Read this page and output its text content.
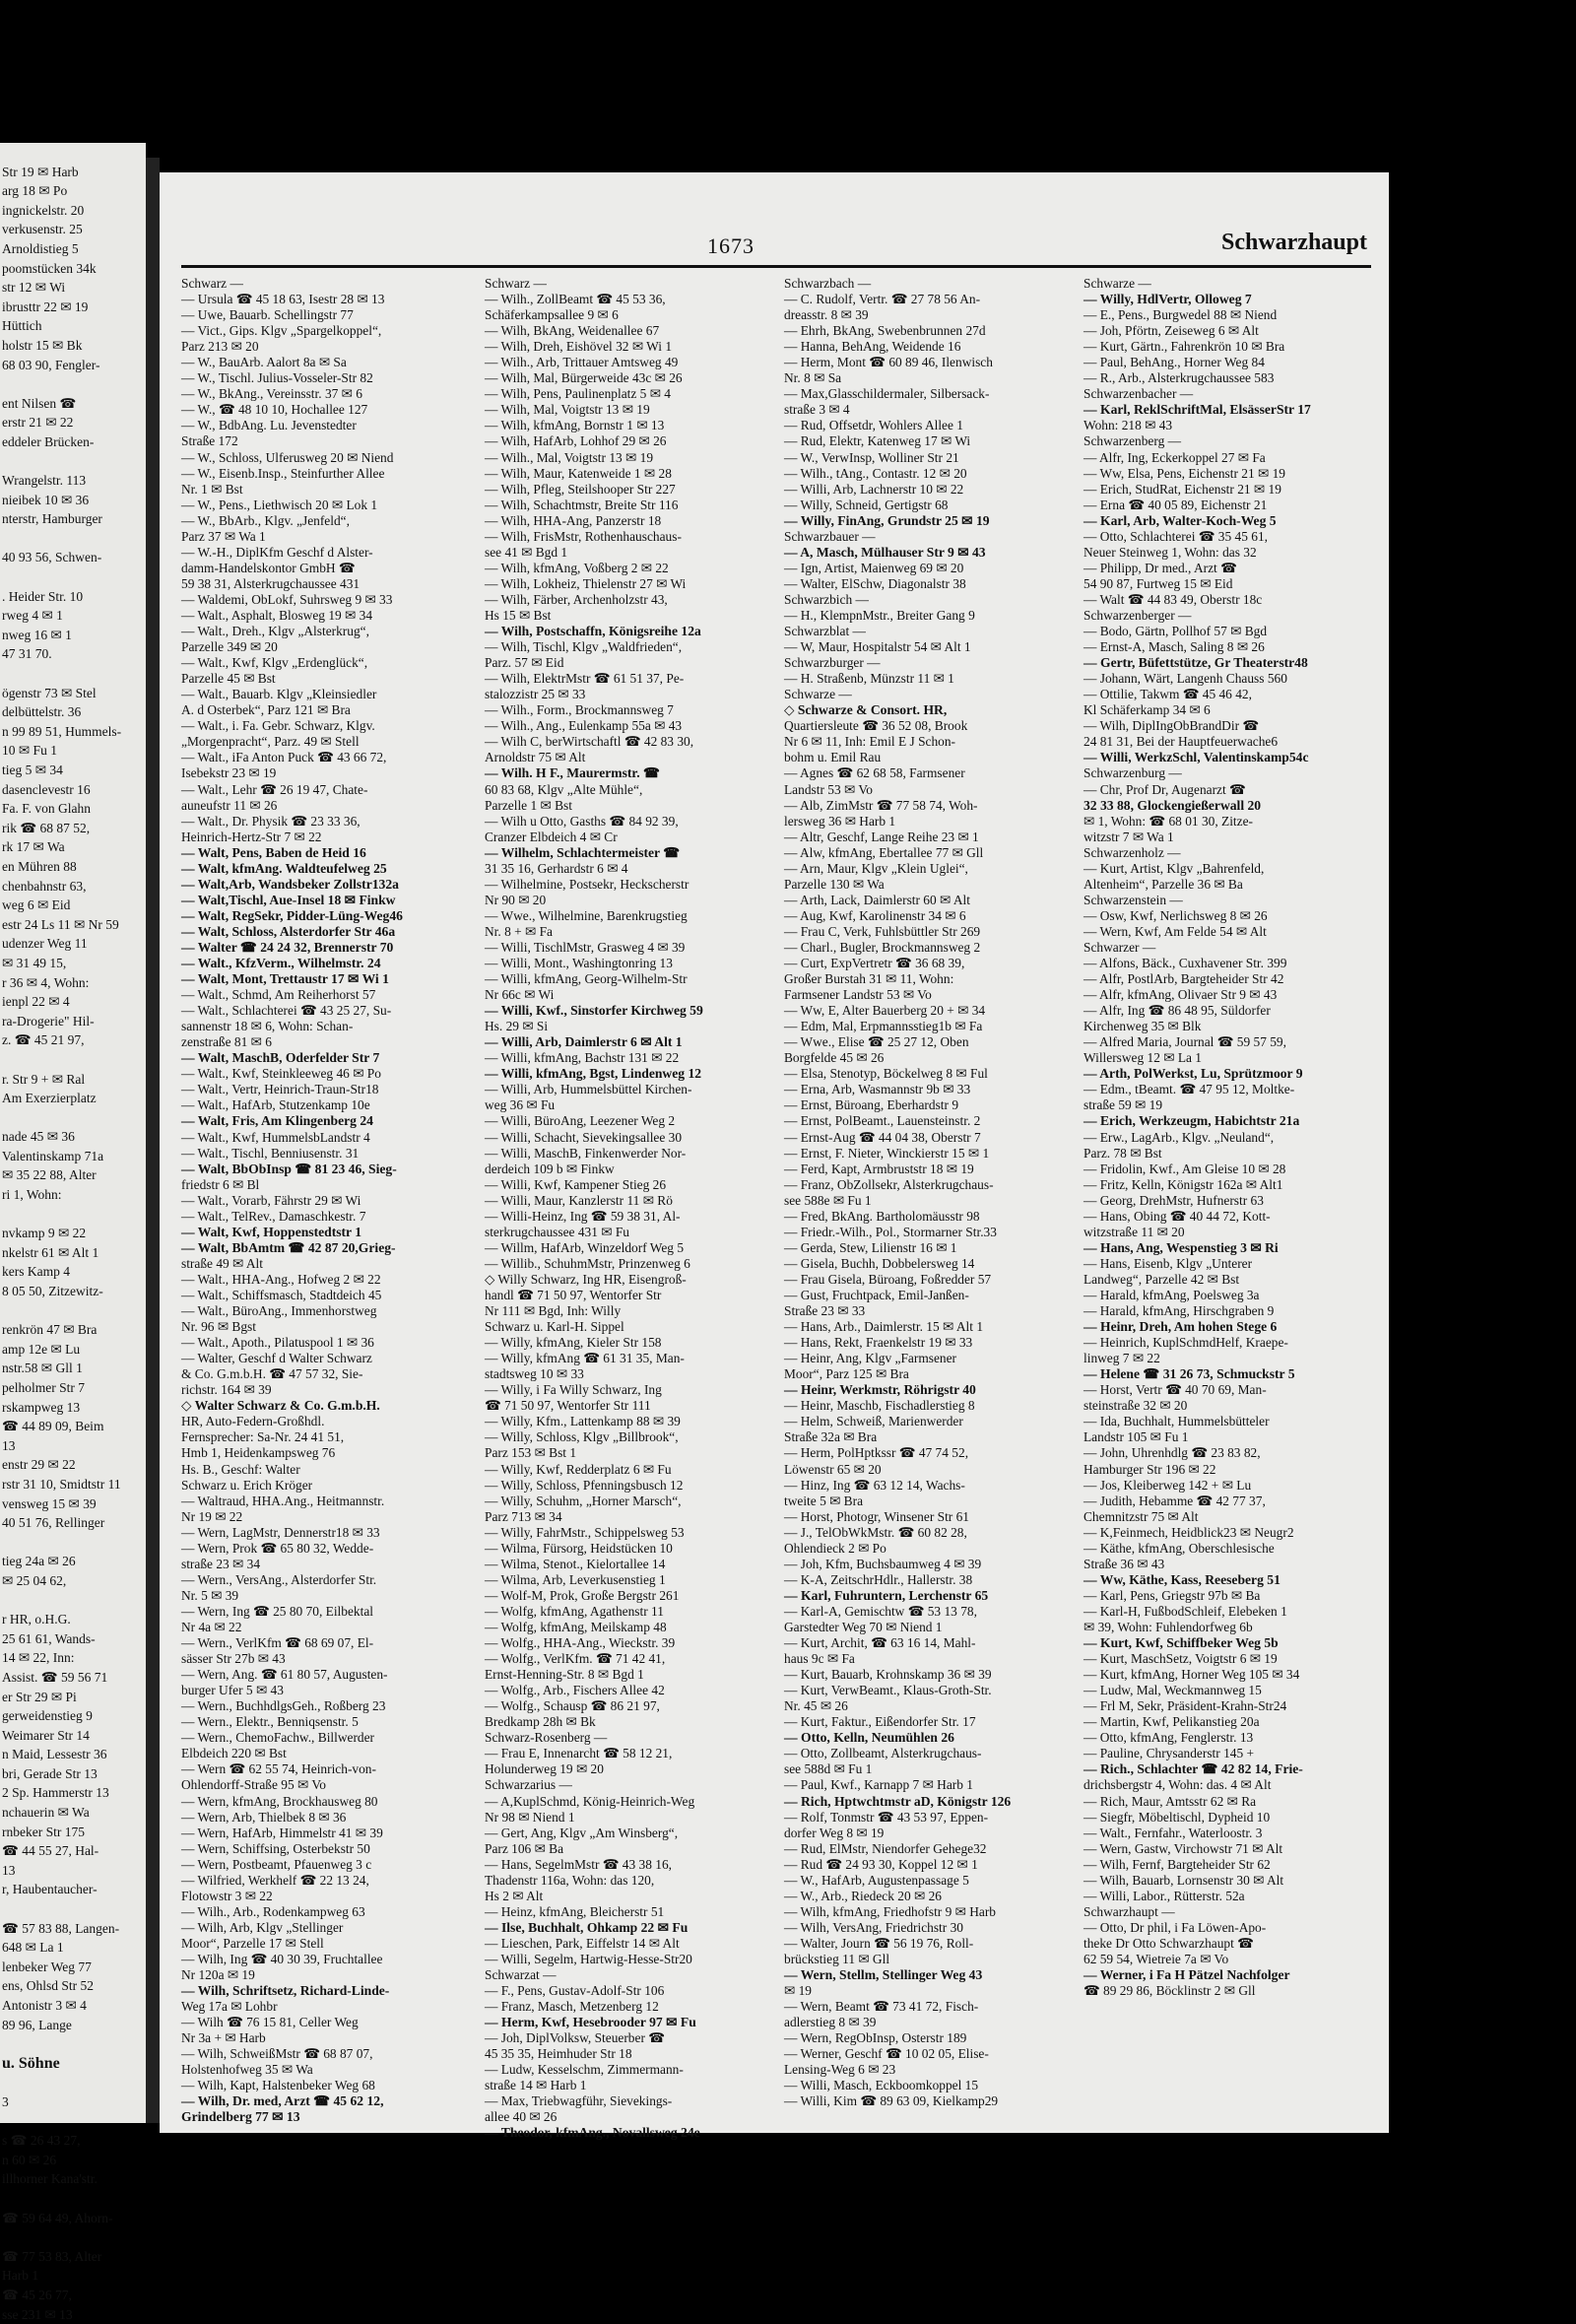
Str 19 ✉ Harb
arg 18 ✉ Po
ingnickelstr. 20
verkusenstr. 25
Arnoldistieg 5
poomstücken 34k
str 12 ✉ Wi
ibrusttr 22 ✉ 19
Hüttich
holstr 15 ✉ Bk
68 03 90, Fengler-

ent Nilsen ☎
erstr 21 ✉ 22
eddeler Brücken-

Wrangelstr. 113
nieibek 10 ✉ 36
nterstr, Hamburger

40 93 56, Schwen-

. Heider Str. 10
rweg 4 ✉ 1
nweg 16 ✉ 1
47 31 70.

ögenstr 73 ✉ Stel
delbüttelstr. 36
n 99 89 51, Hummels-
10 ✉ Fu 1
tieg 5 ✉ 34
dasenclevestr 16
Fa. F. von Glahn
rik ☎ 68 87 52,
rk 17 ✉ Wa
en Mühren 88
chenbahnstr 63,
weg 6 ✉ Eid
estr 24 Ls 11 ✉ Nr 59
udenzer Weg 11
✉ 31 49 15,
r 36 ✉ 4, Wohn:
ienpl 22 ✉ 4
ra-Drogerie" Hil-
z. ☎ 45 21 97,

r. Str 9 + ✉ Ral
Am Exerzierplatz

nade 45 ✉ 36
Valentinskamp 71a
✉ 35 22 88, Alter
ri 1, Wohn:

nvkamp 9 ✉ 22
nkelstr 61 ✉ Alt 1
kers Kamp 4
8 05 50, Zitzewitz-

renkrön 47 ✉ Bra
amp 12e ✉ Lu
nstr.58 ✉ Gll 1
pelholmer Str 7
rskampweg 13
☎ 44 89 09, Beim
13
enstr 29 ✉ 22
rstr 31 10, Smidtstr 11
vensweg 15 ✉ 39
40 51 76, Rellinger

tieg 24a ✉ 26
✉ 25 04 62,

r HR, o.H.G.
25 61 61, Wands-
14 ✉ 22, Inn:
Assist. ☎ 59 56 71
er Str 29 ✉ Pi
gerweidenstieg 9
Weimarer Str 14
n Maid, Lessestr 36
bri, Gerade Str 13
2 Sp. Hammerstr 13
nchauerin ✉ Wa
rnbeker Str 175
☎ 44 55 27, Hal-
13
r, Haubentaucher-

☎ 57 83 88, Langen-
648 ✉ La 1
lenbeker Weg 77
ens, Ohlsd Str 52
Antonistr 3 ✉ 4
89 96, Lange

u. Söhne

3

s ☎ 26 43 27,
n 60 ✉ 26
illhorner Kana'str.

☎ 59 64 49, Ahorn-

☎ 77 53 83, Alter
Harb 1
☎ 45 26 77,
sse 231 ✉ 13
1673	Schwarzhaupt
Schwarz —
— Ursula ☎ 45 18 63, Isestr 28 ✉ 13
— Uwe, Bauarb. Schellingstr 77
— Vict., Gips. Klgv „Spargelkoppel“,
Parz 213 ✉ 20
— W., BauArb. Aalort 8a ✉ Sa
— W., Tischl. Julius-Vosseler-Str 82
— W., BkAng., Vereinsstr. 37 ✉ 6
— W., ☎ 48 10 10, Hochallee 127
— W., BdbAng. Lu. Jevenstedter
Straße 172
— W., Schloss, Ulferusweg 20 ✉ Niend
— W., Eisenb.Insp., Steinfurther Allee
Nr. 1 ✉ Bst
— W., Pens., Liethwisch 20 ✉ Lok 1
— W., BbArb., Klgv. „Jenfeld“,
Parz 37 ✉ Wa 1
— W.-H., DiplKfm Geschf d Alster-
damm-Handelskontor GmbH ☎
59 38 31, Alsterkrugchaussee 431
— Waldemi, ObLokf, Suhrsweg 9 ✉ 33
— Walt., Asphalt, Blosweg 19 ✉ 34
— Walt., Dreh., Klgv „Alsterkrug“,
Parzelle 349 ✉ 20
— Walt., Kwf, Klgv „Erdenglück“,
Parzelle 45 ✉ Bst
— Walt., Bauarb. Klgv „Kleinsiedler
A. d Osterbek“, Parz 121 ✉ Bra
— Walt., i. Fa. Gebr. Schwarz, Klgv.
„Morgenpracht“, Parz. 49 ✉ Stell
— Walt., iFa Anton Puck ☎ 43 66 72,
Isebekstr 23 ✉ 19
— Walt., Lehr ☎ 26 19 47, Chate-
auneufstr 11 ✉ 26
— Walt., Dr. Physik ☎ 23 33 36,
Heinrich-Hertz-Str 7 ✉ 22
— Walt, Pens, Baben de Heid 16
— Walt, kfmAng. Waldteufelweg 25
— Walt,Arb, Wandsbeker Zollstr132a
— Walt,Tischl, Aue-Insel 18 ✉ Finkw
— Walt, RegSekr, Pidder-Lüng-Weg46
— Walt, Schloss, Alsterdorfer Str 46a
— Walter ☎ 24 24 32, Brennerstr 70
— Walt., KfzVerm., Wilhelmstr. 24
— Walt, Mont, Trettaustr 17 ✉ Wi 1
— Walt., Schmd, Am Reiherhorst 57
— Walt., Schlachterei ☎ 43 25 27, Su-
sannenstr 18 ✉ 6, Wohn: Schan-
zenstraße 81 ✉ 6
— Walt, MaschB, Oderfelder Str 7
— Walt., Kwf, Steinkleeweg 46 ✉ Po
— Walt., Vertr, Heinrich-Traun-Str18
— Walt., HafArb, Stutzenkamp 10e
— Walt, Fris, Am Klingenberg 24
— Walt., Kwf, HummelsbLandstr 4
— Walt., Tischl, Benniusenstr. 31
— Walt, BbObInsp ☎ 81 23 46, Sieg-
friedstr 6 ✉ Bl
— Walt., Vorarb, Fährstr 29 ✉ Wi
— Walt., TelRev., Damaschkestr. 7
— Walt, Kwf, Hoppenstedtstr 1
— Walt, BbAmtm ☎ 42 87 20,Grieg-
straße 49 ✉ Alt
— Walt., HHA-Ang., Hofweg 2 ✉ 22
— Walt., Schiffsmasch, Stadtdeich 45
— Walt., BüroAng., Immenhorstweg
Nr. 96 ✉ Bgst
— Walt., Apoth., Pilatuspool 1 ✉ 36
— Walter, Geschf d Walter Schwarz
& Co. G.m.b.H. ☎ 47 57 32, Sie-
richstr. 164 ✉ 39
◇ Walter Schwarz & Co. G.m.b.H.
HR, Auto-Federn-Großhdl.
Fernsprecher: Sa-Nr. 24 41 51,
Hmb 1, Heidenkampsweg 76
Hs. B., Geschf: Walter
Schwarz u. Erich Kröger
— Waltraud, HHA.Ang., Heitmannstr.
Nr 19 ✉ 22
— Wern, LagMstr, Dennerstr18 ✉ 33
— Wern, Prok ☎ 65 80 32, Wedde-
straße 23 ✉ 34
— Wern., VersAng., Alsterdorfer Str.
Nr. 5 ✉ 39
— Wern, Ing ☎ 25 80 70, Eilbektal
Nr 4a ✉ 22
— Wern., VerlKfm ☎ 68 69 07, El-
sässer Str 27b ✉ 43
— Wern, Ang. ☎ 61 80 57, Augusten-
burger Ufer 5 ✉ 43
— Wern., BuchhdlgsGeh., Roßberg 23
— Wern., Elektr., Benniqsenstr. 5
— Wern., ChemoFachw., Billwerder
Elbdeich 220 ✉ Bst
— Wern ☎ 62 55 74, Heinrich-von-
Ohlendorff-Straße 95 ✉ Vo
— Wern, kfmAng, Brockhausweg 80
— Wern, Arb, Thielbek 8 ✉ 36
— Wern, HafArb, Himmelstr 41 ✉ 39
— Wern, Schiffsing, Osterbekstr 50
— Wern, Postbeamt, Pfauenweg 3 c
— Wilfried, Werkhelf ☎ 22 13 24,
Flotowstr 3 ✉ 22
— Wilh., Arb., Rodenkampweg 63
— Wilh, Arb, Klgv „Stellinger
Moor“, Parzelle 17 ✉ Stell
— Wilh, Ing ☎ 40 30 39, Fruchtallee
Nr 120a ✉ 19
— Wilh, Schriftsetz, Richard-Linde-
Weg 17a ✉ Lohbr
— Wilh ☎ 76 15 81, Celler Weg
Nr 3a + ✉ Harb
— Wilh, SchweißMstr ☎ 68 87 07,
Holstenhofweg 35 ✉ Wa
— Wilh, Kapt, Halstenbeker Weg 68
— Wilh, Dr. med, Arzt ☎ 45 62 12,
Grindelberg 77 ✉ 13
Schwarz —
— Wilh., ZollBeamt ☎ 45 53 36,
Schäferkampsallee 9 ✉ 6
— Wilh, BkAng, Weidenallee 67
— Wilh, Dreh, Eishövel 32 ✉ Wi 1
— Wilh., Arb, Trittauer Amtsweg 49
— Wilh, Mal, Bürgerweide 43c ✉ 26
— Wilh, Pens, Paulinenplatz 5 ✉ 4
— Wilh, Mal, Voigtstr 13 ✉ 19
— Wilh, kfmAng, Bornstr 1 ✉ 13
— Wilh, HafArb, Lohhof 29 ✉ 26
— Wilh., Mal, Voigtstr 13 ✉ 19
— Wilh, Maur, Katenweide 1 ✉ 28
— Wilh, Pfleg, Steilshooper Str 227
— Wilh, Schachtmstr, Breite Str 116
— Wilh, HHA-Ang, Panzerstr 18
— Wilh, FrisMstr, Rothenhauschaus-
see 41 ✉ Bgd 1
— Wilh, kfmAng, Voßberg 2 ✉ 22
— Wilh, Lokheiz, Thielenstr 27 ✉ Wi
— Wilh, Färber, Archenholzstr 43,
Hs 15 ✉ Bst
— Wilh, Postschaffn, Königsreihe 12a
— Wilh, Tischl, Klgv „Waldfrieden“,
Parz. 57 ✉ Eid
— Wilh, ElektrMstr ☎ 61 51 37, Pe-
stalozzistr 25 ✉ 33
— Wilh., Form., Brockmannsweg 7
— Wilh., Ang., Eulenkamp 55a ✉ 43
— Wilh C, berWirtschaftl ☎ 42 83 30,
Arnoldstr 75 ✉ Alt
— Wilh. H F., Maurermstr. ☎
60 83 68, Klgv „Alte Mühle“,
Parzelle 1 ✉ Bst
— Wilh u Otto, Gasths ☎ 84 92 39,
Cranzer Elbdeich 4 ✉ Cr
— Wilhelm, Schlachtermeister ☎
31 35 16, Gerhardstr 6 ✉ 4
— Wilhelmine, Postsekr, Heckscherstr
Nr 90 ✉ 20
— Wwe., Wilhelmine, Barenkrugstieg
Nr. 8 + ✉ Fa
— Willi, TischlMstr, Grasweg 4 ✉ 39
— Willi, Mont., Washingtonring 13
— Willi, kfmAng, Georg-Wilhelm-Str
Nr 66c ✉ Wi
— Willi, Kwf., Sinstorfer Kirchweg 59
Hs. 29 ✉ Si
— Willi, Arb, Daimlerstr 6 ✉ Alt 1
— Willi, kfmAng, Bachstr 131 ✉ 22
— Willi, kfmAng, Bgst, Lindenweg 12
— Willi, Arb, Hummelsbüttel Kirchen-
weg 36 ✉ Fu
— Willi, BüroAng, Leezener Weg 2
— Willi, Schacht, Sievekingsallee 30
— Willi, MaschB, Finkenwerder Nor-
derdeich 109 b ✉ Finkw
— Willi, Kwf, Kampener Stieg 26
— Willi, Maur, Kanzlerstr 11 ✉ Rö
— Willi-Heinz, Ing ☎ 59 38 31, Al-
sterkrugchaussee 431 ✉ Fu
— Willm, HafArb, Winzeldorf Weg 5
— Willib., SchuhmMstr, Prinzenweg 6
◇ Willy Schwarz, Ing HR, Eisengroß-
handl ☎ 71 50 97, Wentorfer Str
Nr 111 ✉ Bgd, Inh: Willy
Schwarz u. Karl-H. Sippel
— Willy, kfmAng, Kieler Str 158
— Willy, kfmAng ☎ 61 31 35, Man-
stadtsweg 10 ✉ 33
— Willy, i Fa Willy Schwarz, Ing
☎ 71 50 97, Wentorfer Str 111
— Willy, Kfm., Lattenkamp 88 ✉ 39
— Willy, Schloss, Klgv „Billbrook“,
Parz 153 ✉ Bst 1
— Willy, Kwf, Redderplatz 6 ✉ Fu
— Willy, Schloss, Pfenningsbusch 12
— Willy, Schuhm, „Horner Marsch“,
Parz 713 ✉ 34
— Willy, FahrMstr., Schippelsweg 53
— Wilma, Fürsorg, Heidstücken 10
— Wilma, Stenot., Kielortallee 14
— Wilma, Arb, Leverkusenstieg 1
— Wolf-M, Prok, Große Bergstr 261
— Wolfg, kfmAng, Agathenstr 11
— Wolfg, kfmAng, Meilskamp 48
— Wolfg., HHA-Ang., Wieckstr. 39
— Wolfg., VerlKfm. ☎ 71 42 41,
Ernst-Henning-Str. 8 ✉ Bgd 1
— Wolfg., Arb., Fischers Allee 42
— Wolfg., Schausp ☎ 86 21 97,
Bredkamp 28h ✉ Bk
Schwarz-Rosenberg —
— Frau E, Innenarcht ☎ 58 12 21,
Holunderweg 19 ✉ 20
Schwarzarius —
— A,KuplSchmd, König-Heinrich-Weg
Nr 98 ✉ Niend 1
— Gert, Ang, Klgv „Am Winsberg“,
Parz 106 ✉ Ba
— Hans, SegelmMstr ☎ 43 38 16,
Thadenstr 116a, Wohn: das 120,
Hs 2 ✉ Alt
— Heinz, kfmAng, Bleicherstr 51
— Ilse, Buchhalt, Ohkamp 22 ✉ Fu
— Lieschen, Park, Eiffelstr 14 ✉ Alt
— Willi, Segelm, Hartwig-Hesse-Str20
Schwarzat —
— F., Pens, Gustav-Adolf-Str 106
— Franz, Masch, Metzenberg 12
— Herm, Kwf, Hesebrooder 97 ✉ Fu
— Joh, DiplVolksw, Steuerber ☎
45 35 35, Heimhuder Str 18
— Ludw, Kesselschm, Zimmermann-
straße 14 ✉ Harb 1
— Max, Triebwagführ, Sievekings-
allee 40 ✉ 26
— Theodor, kfmAng., Novallsweg 24e
Schwarzbach —
— C. Rudolf, Vertr. ☎ 27 78 56 An-
dreasstr. 8 ✉ 39
— Ehrh, BkAng, Swebenbrunnen 27d
— Hanna, BehAng, Weidende 16
— Herm, Mont ☎ 60 89 46, Ilenwisch
Nr. 8 ✉ Sa
— Max,Glasschildermaler, Silbersack-
straße 3 ✉ 4
— Rud, Offsetdr, Wohlers Allee 1
— Rud, Elektr, Katenweg 17 ✉ Wi
— W., VerwInsp, Wolliner Str 21
— Wilh., tAng., Contastr. 12 ✉ 20
— Willi, Arb, Lachnerstr 10 ✉ 22
— Willy, Schneid, Gertigstr 68
— Willy, FinAng, Grundstr 25 ✉ 19
Schwarzbauer —
— A, Masch, Mülhauser Str 9 ✉ 43
— Ign, Artist, Maienweg 69 ✉ 20
— Walter, ElSchw, Diagonalstr 38
Schwarzbich —
— H., KlempnMstr., Breiter Gang 9
Schwarzblat —
— W, Maur, Hospitalstr 54 ✉ Alt 1
Schwarzburger —
— H. Straßenb, Münzstr 11 ✉ 1
Schwarze —
◇ Schwarze & Consort. HR,
Quartiersleute ☎ 36 52 08, Brook
Nr 6 ✉ 11, Inh: Emil E J Schon-
bohm u. Emil Rau
— Agnes ☎ 62 68 58, Farmsener
Landstr 53 ✉ Vo
— Alb, ZimMstr ☎ 77 58 74, Woh-
lersweg 36 ✉ Harb 1
— Altr, Geschf, Lange Reihe 23 ✉ 1
— Alw, kfmAng, Ebertallee 77 ✉ Gll
— Arn, Maur, Klgv „Klein Uglei“,
Parzelle 130 ✉ Wa
— Arth, Lack, Daimlerstr 60 ✉ Alt
— Aug, Kwf, Karolinenstr 34 ✉ 6
— Frau C, Verk, Fuhlsbüttler Str 269
— Charl., Bugler, Brockmannsweg 2
— Curt, ExpVertretr ☎ 36 68 39,
Großer Burstah 31 ✉ 11, Wohn:
Farmsener Landstr 53 ✉ Vo
— Ww, E, Alter Bauerberg 20 + ✉ 34
— Edm, Mal, Erpmannsstieg1b ✉ Fa
— Wwe., Elise ☎ 25 27 12, Oben
Borgfelde 45 ✉ 26
— Elsa, Stenotyp, Böckelweg 8 ✉ Ful
— Erna, Arb, Wasmannstr 9b ✉ 33
— Ernst, Büroang, Eberhardstr 9
— Ernst, PolBeamt., Lauensteinstr. 2
— Ernst-Aug ☎ 44 04 38, Oberstr 7
— Ernst, F. Nieter, Winckierstr 15 ✉ 1
— Ferd, Kapt, Armbruststr 18 ✉ 19
— Franz, ObZollsekr, Alsterkrugchaus-
see 588e ✉ Fu 1
— Fred, BkAng. Bartholomäusstr 98
— Friedr.-Wilh., Pol., Stormarner Str.33
— Gerda, Stew, Lilienstr 16 ✉ 1
— Gisela, Buchh, Dobbelersweg 14
— Frau Gisela, Büroang, Foßredder 57
— Gust, Fruchtpack, Emil-Janßen-
Straße 23 ✉ 33
— Hans, Arb., Daimlerstr. 15 ✉ Alt 1
— Hans, Rekt, Fraenkelstr 19 ✉ 33
— Heinr, Ang, Klgv „Farmsener
Moor“, Parz 125 ✉ Bra
— Heinr, Werkmstr, Röhrigstr 40
— Heinr, Maschb, Fischadlerstieg 8
— Helm, Schweiß, Marienwerder
Straße 32a ✉ Bra
— Herm, PolHptkssr ☎ 47 74 52,
Löwenstr 65 ✉ 20
— Hinz, Ing ☎ 63 12 14, Wachs-
tweite 5 ✉ Bra
— Horst, Photogr, Winsener Str 61
— J., TelObWkMstr. ☎ 60 82 28,
Ohlendieck 2 ✉ Po
— Joh, Kfm, Buchsbaumweg 4 ✉ 39
— K-A, ZeitschrHdlr., Hallerstr. 38
— Karl, Fuhruntern, Lerchenstr 65
— Karl-A, Gemischtw ☎ 53 13 78,
Garstedter Weg 70 ✉ Niend 1
— Kurt, Archit, ☎ 63 16 14, Mahl-
haus 9c ✉ Fa
— Kurt, Bauarb, Krohnskamp 36 ✉ 39
— Kurt, VerwBeamt., Klaus-Groth-Str.
Nr. 45 ✉ 26
— Kurt, Faktur., Eißendorfer Str. 17
— Otto, Kelln, Neumühlen 26
— Otto, Zollbeamt, Alsterkrugchaus-
see 588d ✉ Fu 1
— Paul, Kwf., Karnapp 7 ✉ Harb 1
— Rich, Hptwchtmstr aD, Königstr 126
— Rolf, Tonmstr ☎ 43 53 97, Eppen-
dorfer Weg 8 ✉ 19
— Rud, ElMstr, Niendorfer Gehege32
— Rud ☎ 24 93 30, Koppel 12 ✉ 1
— W., HafArb, Augustenpassage 5
— W., Arb., Riedeck 20 ✉ 26
— Wilh, kfmAng, Friedhofstr 9 ✉ Harb
— Wilh, VersAng, Friedrichstr 30
— Walter, Journ ☎ 56 19 76, Roll-
brückstieg 11 ✉ Gll
— Wern, Stellm, Stellinger Weg 43
✉ 19
— Wern, Beamt ☎ 73 41 72, Fisch-
adlerstieg 8 ✉ 39
— Wern, RegObInsp, Osterstr 189
— Werner, Geschf ☎ 10 02 05, Elise-
Lensing-Weg 6 ✉ 23
— Willi, Masch, Eckboomkoppel 15
— Willi, Kim ☎ 89 63 09, Kielkamp29
Schwarze —
— Willy, HdlVertr, Olloweg 7
— E., Pens., Burgwedel 88 ✉ Niend
— Joh, Pförtn, Zeiseweg 6 ✉ Alt
— Kurt, Gärtn., Fahrenkrön 10 ✉ Bra
— Paul, BehAng., Horner Weg 84
— R., Arb., Alsterkrugchaussee 583
Schwarzenbacher —
— Karl, ReklSchriftMal, ElsässerStr 17
Wohn: 218 ✉ 43
Schwarzenberg —
— Alfr, Ing, Eckerkoppel 27 ✉ Fa
— Ww, Elsa, Pens, Eichenstr 21 ✉ 19
— Erich, StudRat, Eichenstr 21 ✉ 19
— Erna ☎ 40 05 89, Eichenstr 21
— Karl, Arb, Walter-Koch-Weg 5
— Otto, Schlachterei ☎ 35 45 61,
Neuer Steinweg 1, Wohn: das 32
— Philipp, Dr med., Arzt ☎
54 90 87, Furtweg 15 ✉ Eid
— Walt ☎ 44 83 49, Oberstr 18c
Schwarzenberger —
— Bodo, Gärtn, Pollhof 57 ✉ Bgd
— Ernst-A, Masch, Saling 8 ✉ 26
— Gertr, Büfettstütze, Gr Theaterstr48
— Johann, Wärt, Langenh Chauss 560
— Ottilie, Takwm ☎ 45 46 42,
Kl Schäferkamp 34 ✉ 6
— Wilh, DiplIngObBrandDir ☎
24 81 31, Bei der Hauptfeuerwache6
— Willi, WerkzSchl, Valentinskamp54c
Schwarzenburg —
— Chr, Prof Dr, Augenarzt ☎
32 33 88, Glockengießerwall 20
✉ 1, Wohn: ☎ 68 01 30, Zitze-
witzstr 7 ✉ Wa 1
Schwarzenholz —
— Kurt, Artist, Klgv „Bahrenfeld,
Altenheim“, Parzelle 36 ✉ Ba
Schwarzenstein —
— Osw, Kwf, Nerlichsweg 8 ✉ 26
— Wern, Kwf, Am Felde 54 ✉ Alt
Schwarzer —
— Alfons, Bäck., Cuxhavener Str. 399
— Alfr, PostlArb, Bargteheider Str 42
— Alfr, kfmAng, Olivaer Str 9 ✉ 43
— Alfr, Ing ☎ 86 48 95, Süldorfer
Kirchenweg 35 ✉ Blk
— Alfred Maria, Journal ☎ 59 57 59,
Willersweg 12 ✉ La 1
— Arth, PolWerkst, Lu, Sprützmoor 9
— Edm., tBeamt. ☎ 47 95 12, Moltke-
straße 59 ✉ 19
— Erich, Werkzeugm, Habichtstr 21a
— Erw., LagArb., Klgv. „Neuland“,
Parz. 78 ✉ Bst
— Fridolin, Kwf., Am Gleise 10 ✉ 28
— Fritz, Kelln, Königstr 162a ✉ Alt1
— Georg, DrehMstr, Hufnerstr 63
— Hans, Obing ☎ 40 44 72, Kott-
witzstraße 11 ✉ 20
— Hans, Ang, Wespenstieg 3 ✉ Ri
— Hans, Eisenb, Klgv „Unterer
Landweg“, Parzelle 42 ✉ Bst
— Harald, kfmAng, Poelsweg 3a
— Harald, kfmAng, Hirschgraben 9
— Heinr, Dreh, Am hohen Stege 6
— Heinrich, KuplSchmdHelf, Kraepe-
linweg 7 ✉ 22
— Helene ☎ 31 26 73, Schmuckstr 5
— Horst, Vertr ☎ 40 70 69, Man-
steinstraße 32 ✉ 20
— Ida, Buchhalt, Hummelsbütteler
Landstr 105 ✉ Fu 1
— John, Uhrenhdlg ☎ 23 83 82,
Hamburger Str 196 ✉ 22
— Jos, Kleiberweg 142 + ✉ Lu
— Judith, Hebamme ☎ 42 77 37,
Chemnitzstr 75 ✉ Alt
— K,Feinmech, Heidblick23 ✉ Neugr2
— Käthe, kfmAng, Oberschlesische
Straße 36 ✉ 43
— Ww, Käthe, Kass, Reeseberg 51
— Karl, Pens, Griegstr 97b ✉ Ba
— Karl-H, FußbodSchleif, Elebeken 1
✉ 39, Wohn: Fuhlendorfweg 6b
— Kurt, Kwf, Schiffbeker Weg 5b
— Kurt, MaschSetz, Voigtstr 6 ✉ 19
— Kurt, kfmAng, Horner Weg 105 ✉ 34
— Ludw, Mal, Weckmannweg 15
— Frl M, Sekr, Präsident-Krahn-Str24
— Martin, Kwf, Pelikanstieg 20a
— Otto, kfmAng, Fenglerstr. 13
— Pauline, Chrysanderstr 145 +
— Rich., Schlachter ☎ 42 82 14, Frie-
drichsbergstr 4, Wohn: das. 4 ✉ Alt
— Rich, Maur, Amtsstr 62 ✉ Ra
— Siegfr, Möbeltischl, Dypheid 10
— Walt., Fernfahr., Waterloostr. 3
— Wern, Gastw, Virchowstr 71 ✉ Alt
— Wilh, Fernf, Bargteheider Str 62
— Wilh, Bauarb, Lornsenstr 30 ✉ Alt
— Willi, Labor., Rütterstr. 52a
Schwarzhaupt —
— Otto, Dr phil, i Fa Löwen-Apo-
theke Dr Otto Schwarzhaupt ☎
62 59 54, Wietreie 7a ✉ Vo
— Werner, i Fa H Pätzel Nachfolger
☎ 89 29 86, Böcklinstr 2 ✉ Gll
